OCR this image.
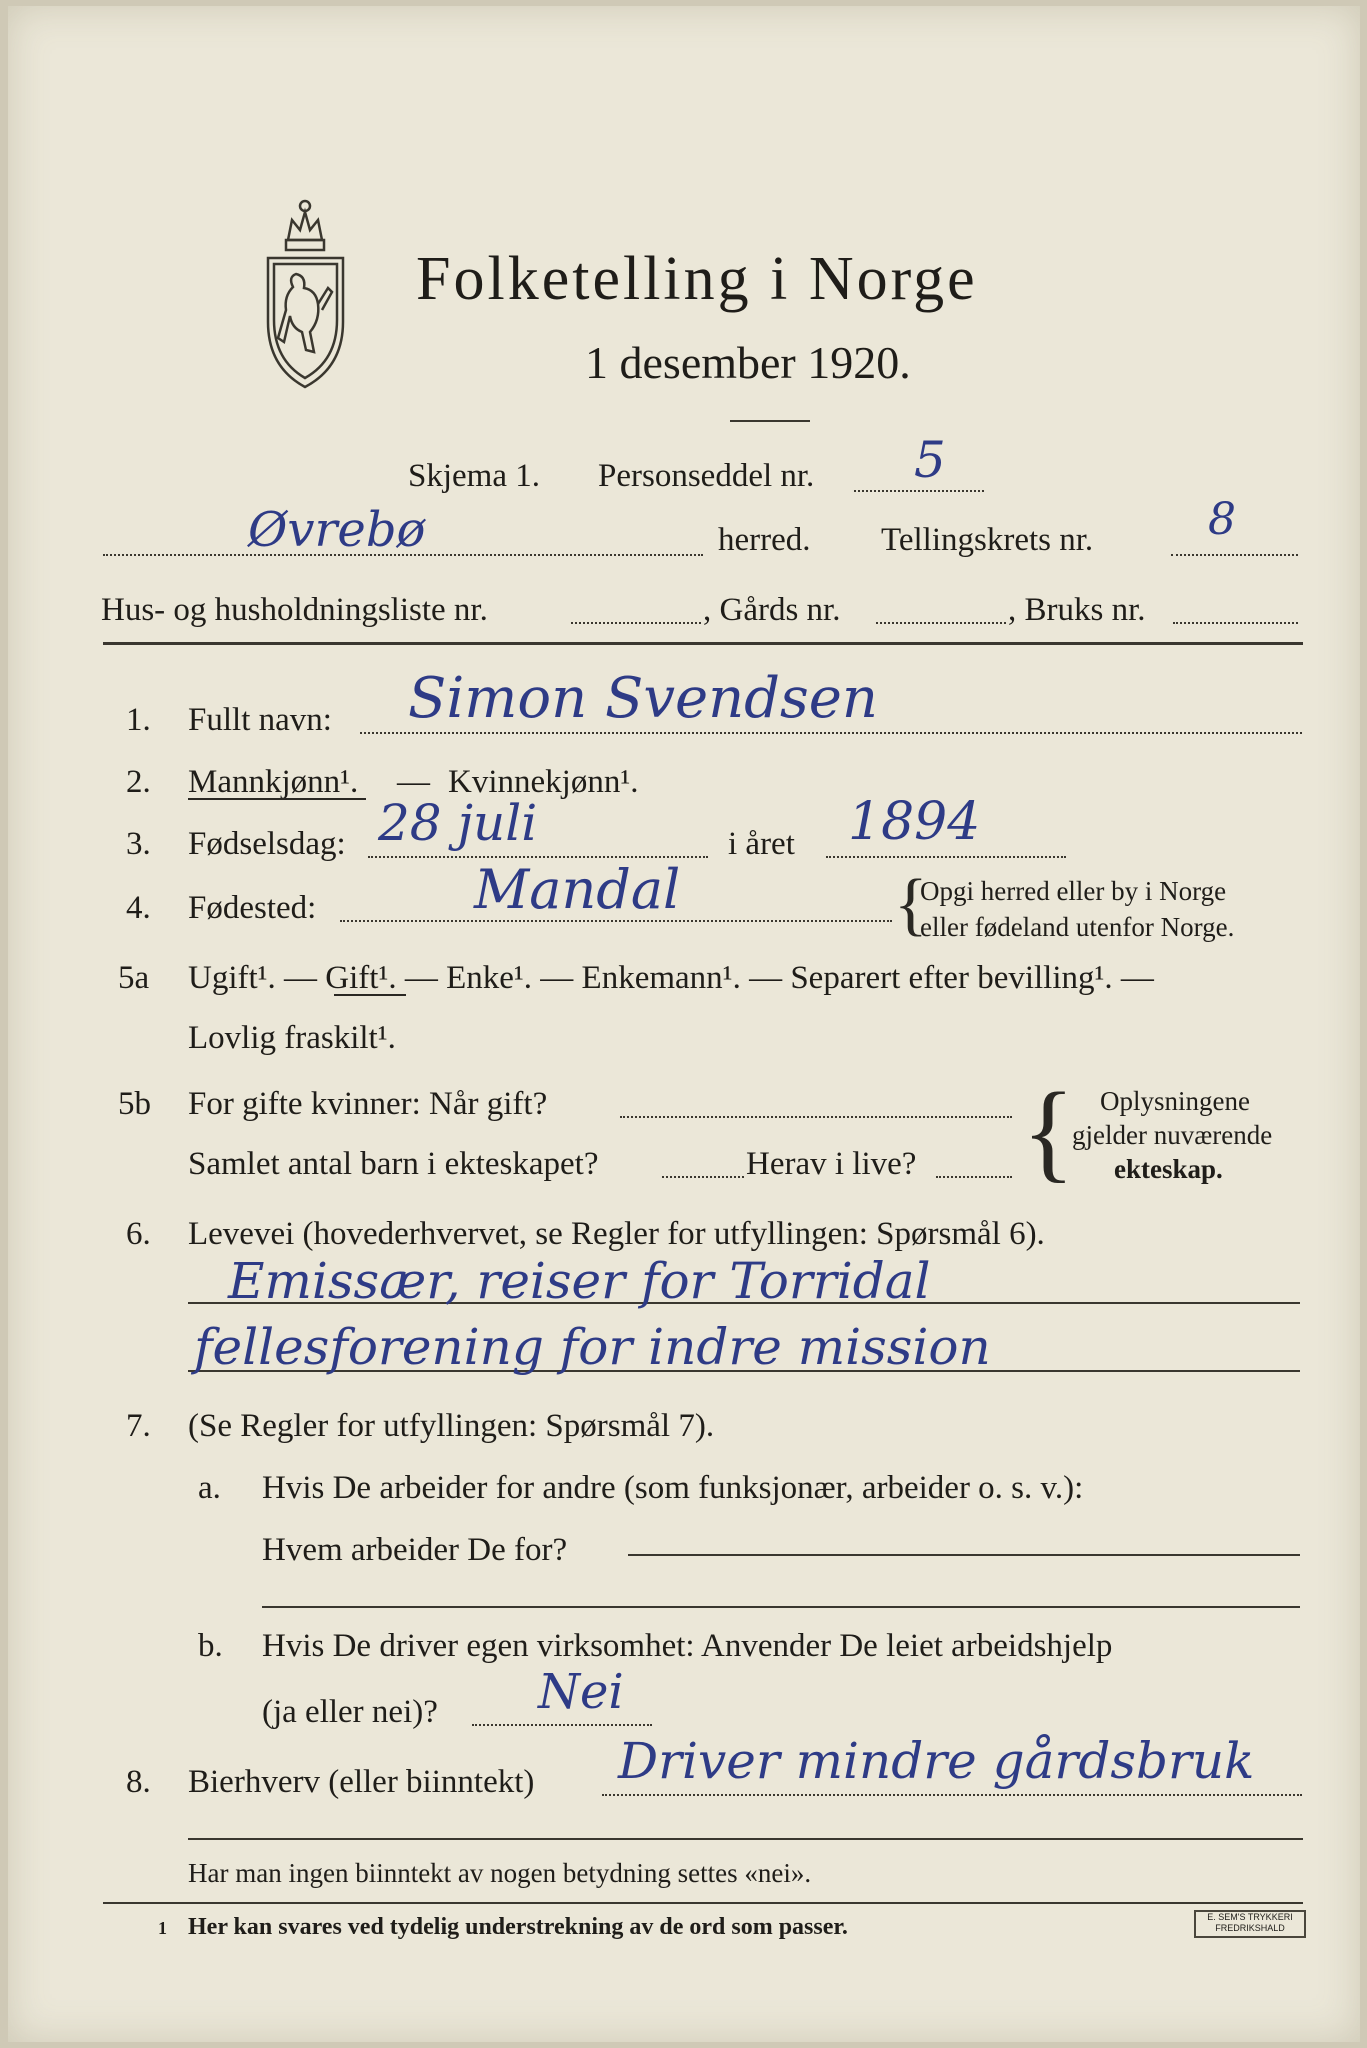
Folketelling i Norge
1 desember 1920.
Skjema 1. Personseddel nr. 5
Øvrebø	herred. Tellingskrets nr.	8
Hus- og husholdningsliste nr.	, Gårds nr.	, Bruks nr.
1. Fullt navn: Simon Svendsen
2. Mannkjønn¹. — Kvinnekjønn¹.
3. Fødselsdag: 28 juli	i året 1894
4. Fødested:	Mandal	{
Opgi herred eller by i Norge
eller fødeland utenfor Norge.
5a Ugift¹. — Gift¹. — Enke¹. — Enkemann¹. — Separert efter bevilling¹. —
Lovlig fraskilt¹.
5b For gifte kvinner: Når gift?
Samlet antal barn i ekteskapet?	Herav i live? { Oplysningene
gjelder nuværende
ekteskap.
6. Levevei (hovederhvervet, se Regler for utfyllingen: Spørsmål 6).
Emissær, reiser for Torridal
fellesforening for indre mission
7. (Se Regler for utfyllingen: Spørsmål 7).
a. Hvis De arbeider for andre (som funksjonær, arbeider o. s. v.):
Hvem arbeider De for?
b. Hvis De driver egen virksomhet: Anvender De leiet arbeidshjelp
(ja eller nei)? Nei
8. Bierhverv (eller biinntekt) Driver mindre gårdsbruk
Har man ingen biinntekt av nogen betydning settes «nei».
1 Her kan svares ved tydelig understrekning av de ord som passer.	E. SEM'S TRYKKERI
FREDRIKSHALD
